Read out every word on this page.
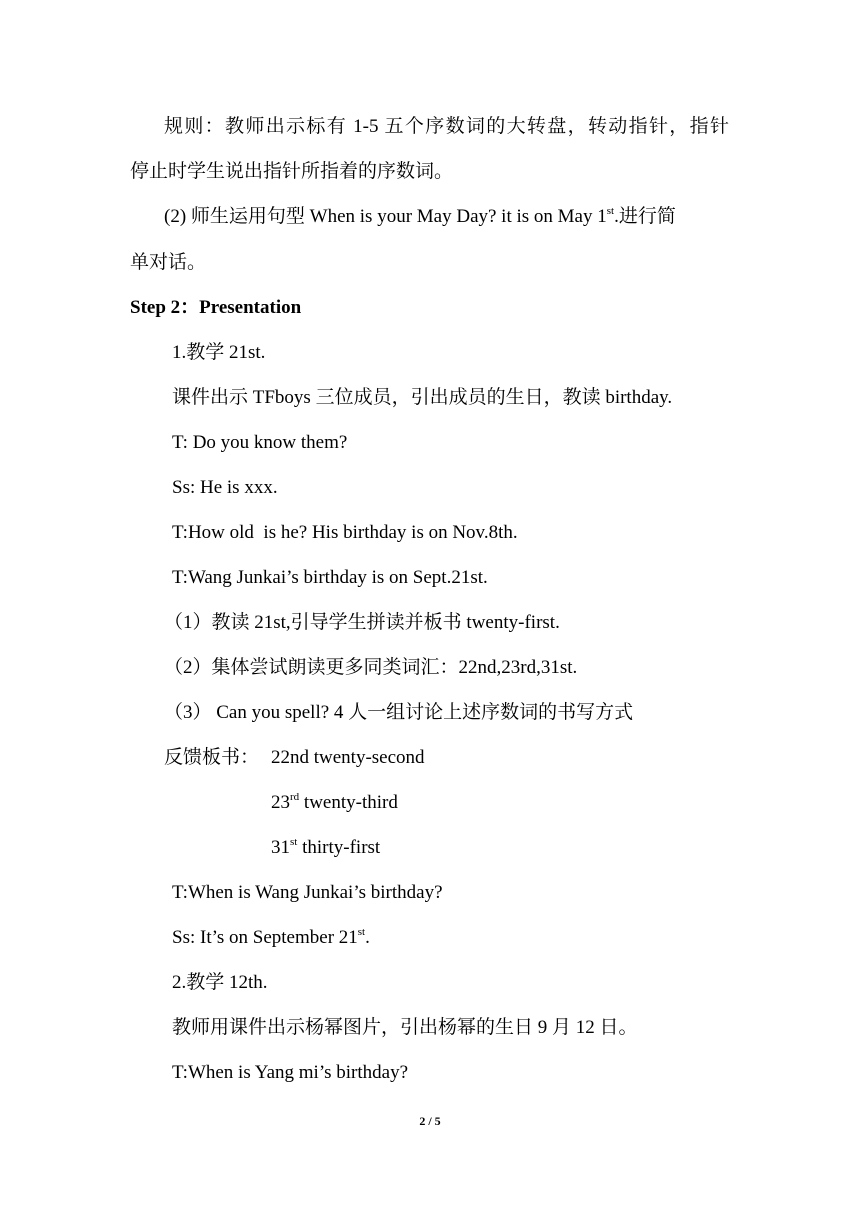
规则：教师出示标有 1-5 五个序数词的大转盘，转动指针，指针
停止时学生说出指针所指着的序数词。
(2) 师生运用句型 When is your May Day? it is on May 1st.进行简
单对话。
Step 2：Presentation
1.教学 21st.
课件出示 TFboys 三位成员，引出成员的生日，教读 birthday.
T: Do you know them?
Ss: He is xxx.
T:How old  is he? His birthday is on Nov.8th.
T:Wang Junkai’s birthday is on Sept.21st.
（1）教读 21st,引导学生拼读并板书 twenty-first.
（2）集体尝试朗读更多同类词汇：22nd,23rd,31st.
（3） Can you spell? 4 人一组讨论上述序数词的书写方式
反馈板书： 22nd twenty-second
23rd twenty-third
31st thirty-first
T:When is Wang Junkai’s birthday?
Ss: It’s on September 21st.
2.教学 12th.
教师用课件出示杨幂图片，引出杨幂的生日 9 月 12 日。
T:When is Yang mi’s birthday?
2 / 5
